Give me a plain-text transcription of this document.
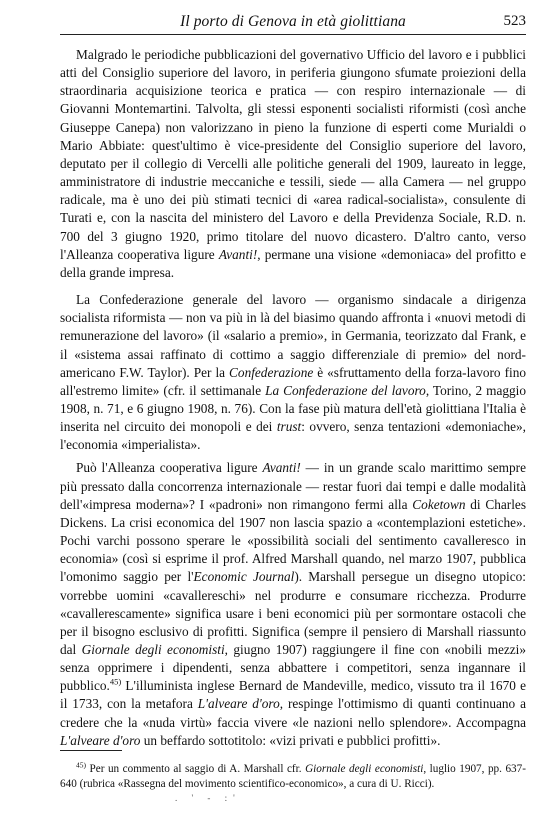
Il porto di Genova in età giolittiana	523

Malgrado le periodiche pubblicazioni del governativo Ufficio del lavoro e i pubblici atti del Consiglio superiore del lavoro, in periferia giungono sfumate proiezioni della straordinaria acquisizione teorica e pratica — con respiro internazionale — di Giovanni Montemartini. Talvolta, gli stessi esponenti socialisti riformisti (così anche Giuseppe Canepa) non valorizzano in pieno la funzione di esperti come Murialdi o Mario Abbiate: quest'ultimo è vice-presidente del Consiglio superiore del lavoro, deputato per il collegio di Vercelli alle politiche generali del 1909, laureato in legge, amministratore di industrie meccaniche e tessili, siede — alla Camera — nel gruppo radicale, ma è uno dei più stimati tecnici di «area radical-socialista», consulente di Turati e, con la nascita del ministero del Lavoro e della Previdenza Sociale, R.D. n. 700 del 3 giugno 1920, primo titolare del nuovo dicastero. D'altro canto, verso l'Alleanza cooperativa ligure Avanti!, permane una visione «demoniaca» del profitto e della grande impresa.

La Confederazione generale del lavoro — organismo sindacale a dirigenza socialista riformista — non va più in là del biasimo quando affronta i «nuovi metodi di remunerazione del lavoro» (il «salario a premio», in Germania, teorizzato dal Frank, e il «sistema assai raffinato di cottimo a saggio differenziale di premio» del nord-americano F.W. Taylor). Per la Confederazione è «sfruttamento della forza-lavoro fino all'estremo limite» (cfr. il settimanale La Confederazione del lavoro, Torino, 2 maggio 1908, n. 71, e 6 giugno 1908, n. 76). Con la fase più matura dell'età giolittiana l'Italia è inserita nel circuito dei monopoli e dei trust: ovvero, senza tentazioni «demoniache», l'economia «imperialista».

Può l'Alleanza cooperativa ligure Avanti! — in un grande scalo marittimo sempre più pressato dalla concorrenza internazionale — restar fuori dai tempi e dalle modalità dell'«impresa moderna»? I «padroni» non rimangono fermi alla Coketown di Charles Dickens. La crisi economica del 1907 non lascia spazio a «contemplazioni estetiche». Pochi varchi possono sperare le «possibilità sociali del sentimento cavalleresco in economia» (così si esprime il prof. Alfred Marshall quando, nel marzo 1907, pubblica l'omonimo saggio per l'Economic Journal). Marshall persegue un disegno utopico: vorrebbe uomini «cavallereschi» nel produrre e consumare ricchezza. Produrre «cavallerescamente» significa usare i beni economici più per sormontare ostacoli che per il bisogno esclusivo di profitti. Significa (sempre il pensiero di Marshall riassunto dal Giornale degli economisti, giugno 1907) raggiungere il fine con «nobili mezzi» senza opprimere i dipendenti, senza abbattere i competitori, senza ingannare il pubblico.$^{45)}$ L'illuminista inglese Bernard de Mandeville, medico, vissuto tra il 1670 e il 1733, con la metafora L'alveare d'oro, respinge l'ottimismo di quanti continuano a credere che la «nuda virtù» faccia vivere «le nazioni nello splendore». Accompagna L'alveare d'oro un beffardo sottotitolo: «vizi privati e pubblici profitti».

$^{45)}$ Per un commento al saggio di A. Marshall cfr. Giornale degli economisti, luglio 1907, pp. 637-640 (rubrica «Rassegna del movimento scientifico-economico», a cura di U. Ricci).
. ' - :'
